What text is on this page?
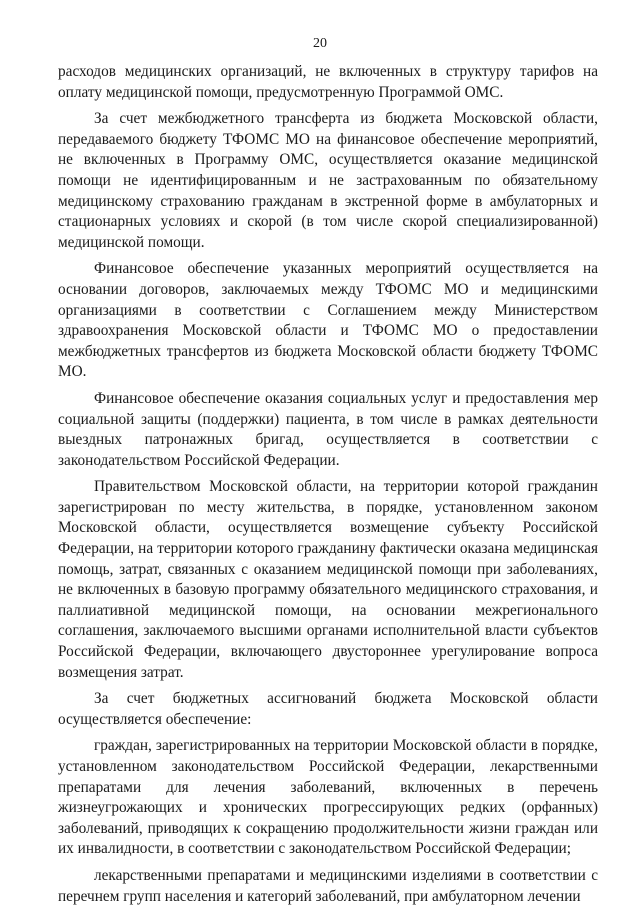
20

расходов медицинских организаций, не включенных в структуру тарифов на оплату медицинской помощи, предусмотренную Программой ОМС.

За счет межбюджетного трансферта из бюджета Московской области, передаваемого бюджету ТФОМС МО на финансовое обеспечение мероприятий, не включенных в Программу ОМС, осуществляется оказание медицинской помощи не идентифицированным и не застрахованным по обязательному медицинскому страхованию гражданам в экстренной форме в амбулаторных и стационарных условиях и скорой (в том числе скорой специализированной) медицинской помощи.

Финансовое обеспечение указанных мероприятий осуществляется на основании договоров, заключаемых между ТФОМС МО и медицинскими организациями в соответствии с Соглашением между Министерством здравоохранения Московской области и ТФОМС МО о предоставлении межбюджетных трансфертов из бюджета Московской области бюджету ТФОМС МО.

Финансовое обеспечение оказания социальных услуг и предоставления мер социальной защиты (поддержки) пациента, в том числе в рамках деятельности выездных патронажных бригад, осуществляется в соответствии с законодательством Российской Федерации.

Правительством Московской области, на территории которой гражданин зарегистрирован по месту жительства, в порядке, установленном законом Московской области, осуществляется возмещение субъекту Российской Федерации, на территории которого гражданину фактически оказана медицинская помощь, затрат, связанных с оказанием медицинской помощи при заболеваниях, не включенных в базовую программу обязательного медицинского страхования, и паллиативной медицинской помощи, на основании межрегионального соглашения, заключаемого высшими органами исполнительной власти субъектов Российской Федерации, включающего двустороннее урегулирование вопроса возмещения затрат.

За счет бюджетных ассигнований бюджета Московской области осуществляется обеспечение:

граждан, зарегистрированных на территории Московской области в порядке, установленном законодательством Российской Федерации, лекарственными препаратами для лечения заболеваний, включенных в перечень жизнеугрожающих и хронических прогрессирующих редких (орфанных) заболеваний, приводящих к сокращению продолжительности жизни граждан или их инвалидности, в соответствии с законодательством Российской Федерации;

лекарственными препаратами и медицинскими изделиями в соответствии с перечнем групп населения и категорий заболеваний, при амбулаторном лечении
